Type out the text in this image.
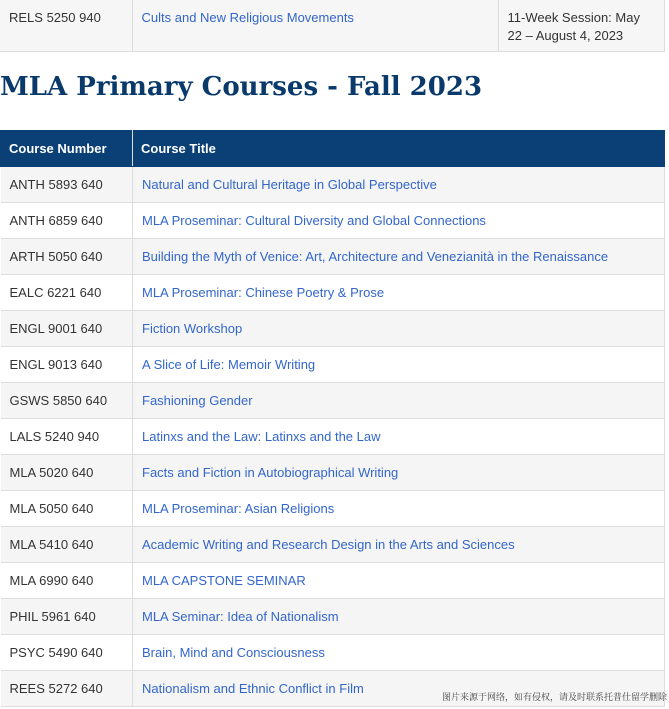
RELS 5250 940	Cults and New Religious Movements	11-Week Session: May 22 – August 4, 2023
MLA Primary Courses - Fall 2023
Course Number	Course Title
ANTH 5893 640	Natural and Cultural Heritage in Global Perspective
ANTH 6859 640	MLA Proseminar: Cultural Diversity and Global Connections
ARTH 5050 640	Building the Myth of Venice: Art, Architecture and Venezianità in the Renaissance
EALC 6221 640	MLA Proseminar: Chinese Poetry & Prose
ENGL 9001 640	Fiction Workshop
ENGL 9013 640	A Slice of Life: Memoir Writing
GSWS 5850 640	Fashioning Gender
LALS 5240 940	Latinxs and the Law: Latinxs and the Law
MLA 5020 640	Facts and Fiction in Autobiographical Writing
MLA 5050 640	MLA Proseminar: Asian Religions
MLA 5410 640	Academic Writing and Research Design in the Arts and Sciences
MLA 6990 640	MLA CAPSTONE SEMINAR
PHIL 5961 640	MLA Seminar: Idea of Nationalism
PSYC 5490 640	Brain, Mind and Consciousness
REES 5272 640	Nationalism and Ethnic Conflict in Film
图片来源于网络，如有侵权，请及时联系托普仕留学删除
